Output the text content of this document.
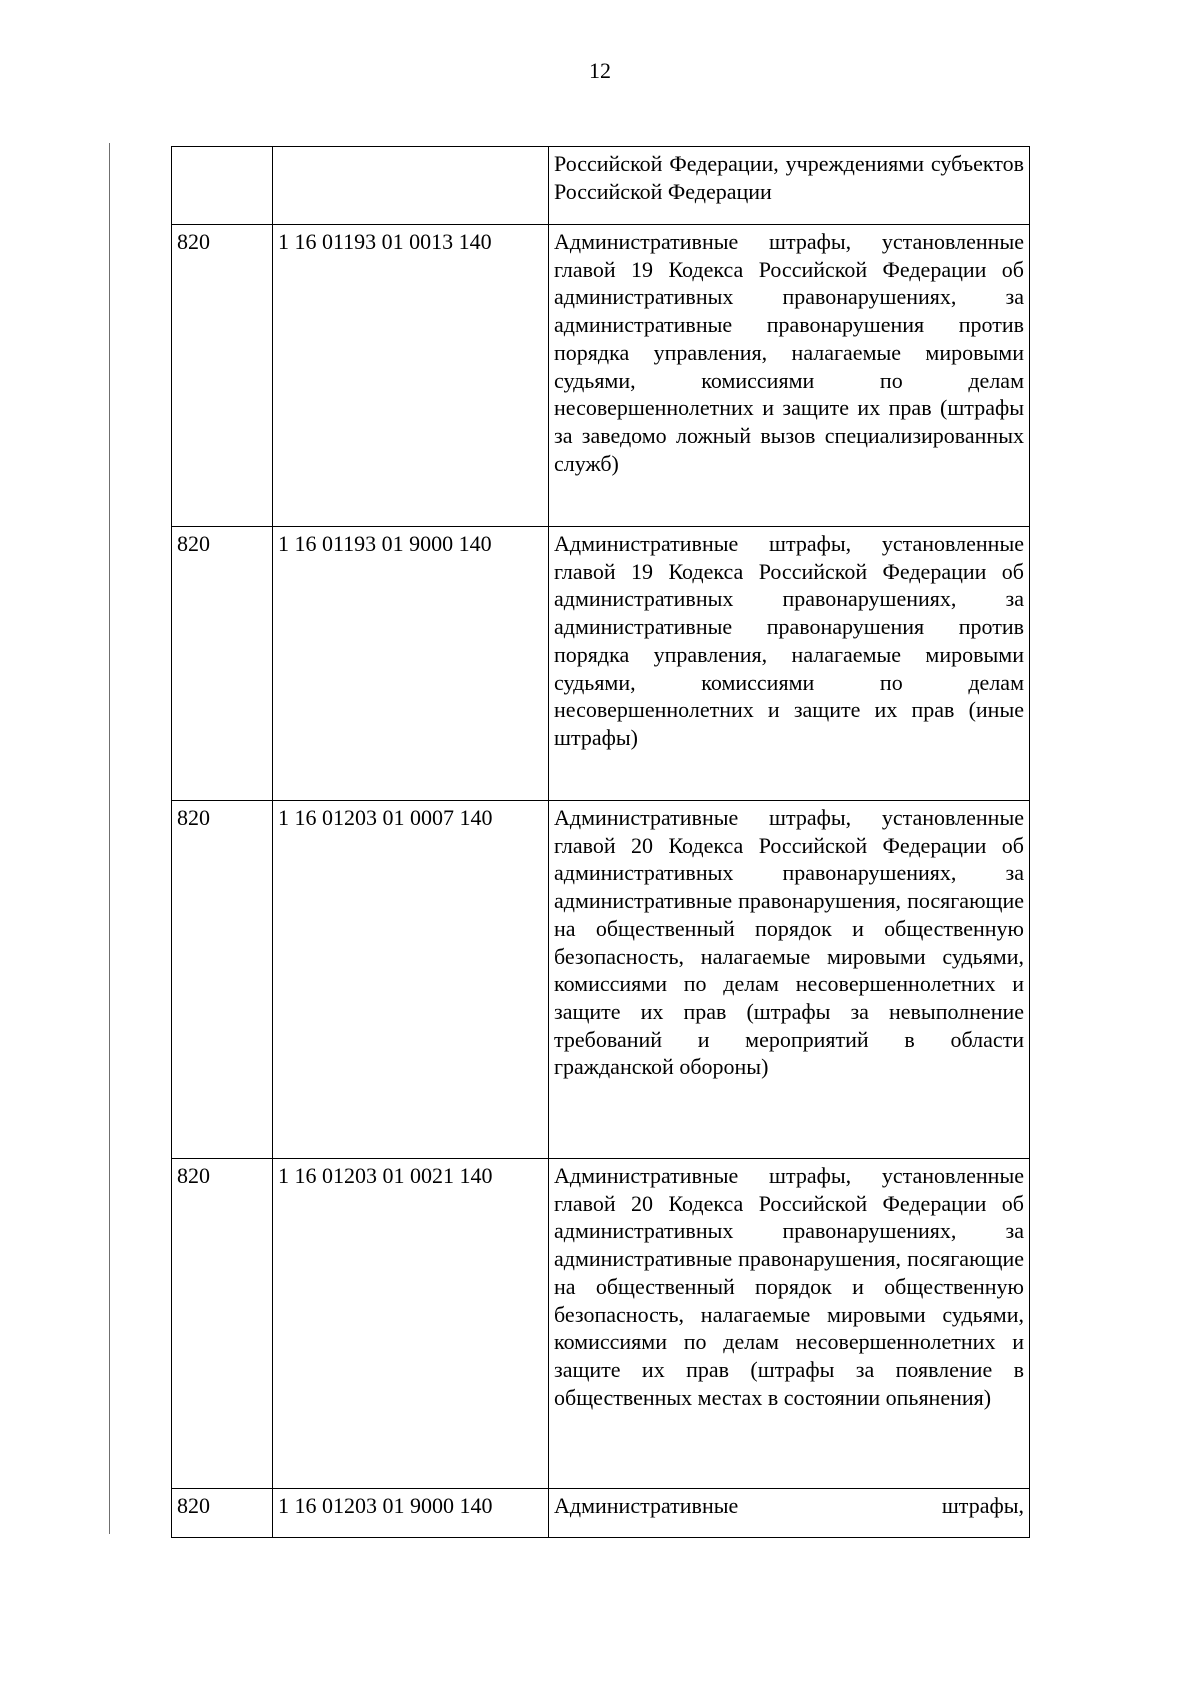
12
		Российской Федерации, учреждениями субъектов Российской Федерации
820	1 16 01193 01 0013 140	Административные штрафы, установленные главой 19 Кодекса Российской Федерации об административных правонарушениях, за административные правонарушения против порядка управления, налагаемые мировыми судьями, комиссиями по делам несовершеннолетних и защите их прав (штрафы за заведомо ложный вызов специализированных служб)
820	1 16 01193 01 9000 140	Административные штрафы, установленные главой 19 Кодекса Российской Федерации об административных правонарушениях, за административные правонарушения против порядка управления, налагаемые мировыми судьями, комиссиями по делам несовершеннолетних и защите их прав (иные штрафы)
820	1 16 01203 01 0007 140	Административные штрафы, установленные главой 20 Кодекса Российской Федерации об административных правонарушениях, за административные правонарушения, посягающие на общественный порядок и общественную безопасность, налагаемые мировыми судьями, комиссиями по делам несовершеннолетних и защите их прав (штрафы за невыполнение требований и мероприятий в области гражданской обороны)
820	1 16 01203 01 0021 140	Административные штрафы, установленные главой 20 Кодекса Российской Федерации об административных правонарушениях, за административные правонарушения, посягающие на общественный порядок и общественную безопасность, налагаемые мировыми судьями, комиссиями по делам несовершеннолетних и защите их прав (штрафы за появление в общественных местах в состоянии опьянения)
820	1 16 01203 01 9000 140	Административные штрафы,
